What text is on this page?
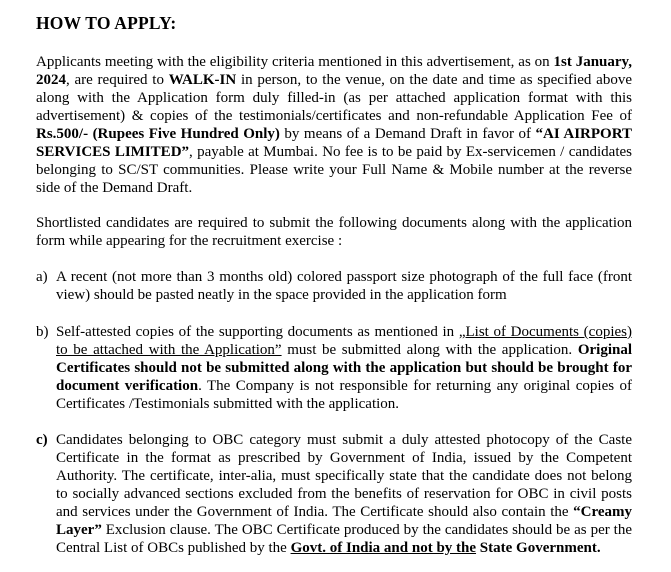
HOW TO APPLY:
Applicants meeting with the eligibility criteria mentioned in this advertisement, as on 1st January, 2024, are required to WALK-IN in person, to the venue, on the date and time as specified above along with the Application form duly filled-in (as per attached application format with this advertisement) & copies of the testimonials/certificates and non-refundable Application Fee of Rs.500/- (Rupees Five Hundred Only) by means of a Demand Draft in favor of “AI AIRPORT SERVICES LIMITED”, payable at Mumbai. No fee is to be paid by Ex-servicemen / candidates belonging to SC/ST communities. Please write your Full Name & Mobile number at the reverse side of the Demand Draft.
Shortlisted candidates are required to submit the following documents along with the application form while appearing for the recruitment exercise :
a) A recent (not more than 3 months old) colored passport size photograph of the full face (front view) should be pasted neatly in the space provided in the application form
b) Self-attested copies of the supporting documents as mentioned in „List of Documents (copies) to be attached with the Application” must be submitted along with the application. Original Certificates should not be submitted along with the application but should be brought for document verification. The Company is not responsible for returning any original copies of Certificates /Testimonials submitted with the application.
c) Candidates belonging to OBC category must submit a duly attested photocopy of the Caste Certificate in the format as prescribed by Government of India, issued by the Competent Authority. The certificate, inter-alia, must specifically state that the candidate does not belong to socially advanced sections excluded from the benefits of reservation for OBC in civil posts and services under the Government of India. The Certificate should also contain the “Creamy Layer” Exclusion clause. The OBC Certificate produced by the candidates should be as per the Central List of OBCs published by the Govt. of India and not by the State Government.
